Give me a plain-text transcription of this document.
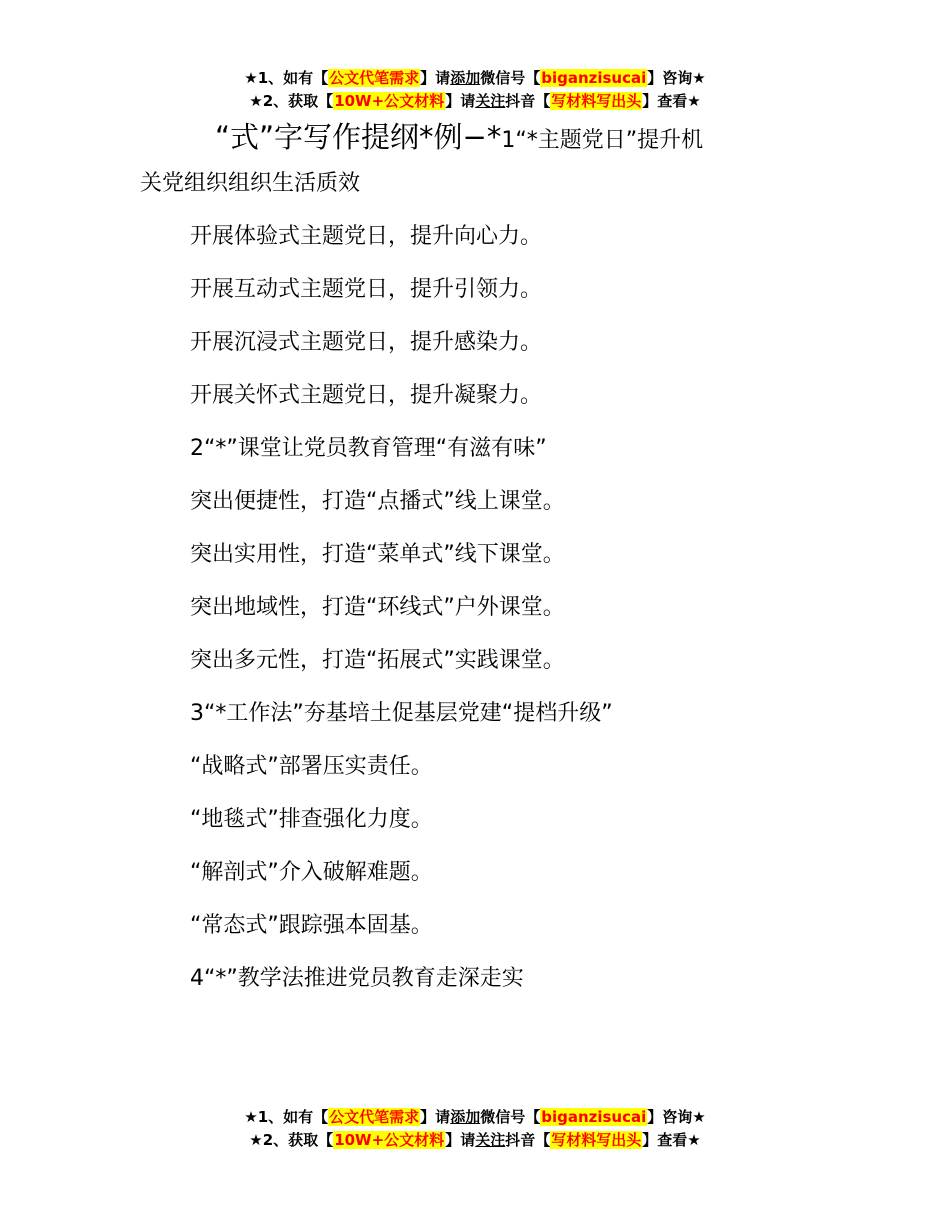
★1、如有【公文代笔需求】请添加微信号【biganzisucai】咨询★
★2、获取【10W+公文材料】请关注抖音【写材料写出头】查看★
“式”字写作提纲*例−*1“*主题党日”提升机
关党组织组织生活质效
开展体验式主题党日，提升向心力。
开展互动式主题党日，提升引领力。
开展沉浸式主题党日，提升感染力。
开展关怀式主题党日，提升凝聚力。
2“*”课堂让党员教育管理“有滋有味”
突出便捷性，打造“点播式”线上课堂。
突出实用性，打造“菜单式”线下课堂。
突出地域性，打造“环线式”户外课堂。
突出多元性，打造“拓展式”实践课堂。
3“*工作法”夯基培土促基层党建“提档升级”
“战略式”部署压实责任。
“地毯式”排查强化力度。
“解剖式”介入破解难题。
“常态式”跟踪强本固基。
4“*”教学法推进党员教育走深走实
★1、如有【公文代笔需求】请添加微信号【biganzisucai】咨询★
★2、获取【10W+公文材料】请关注抖音【写材料写出头】查看★
